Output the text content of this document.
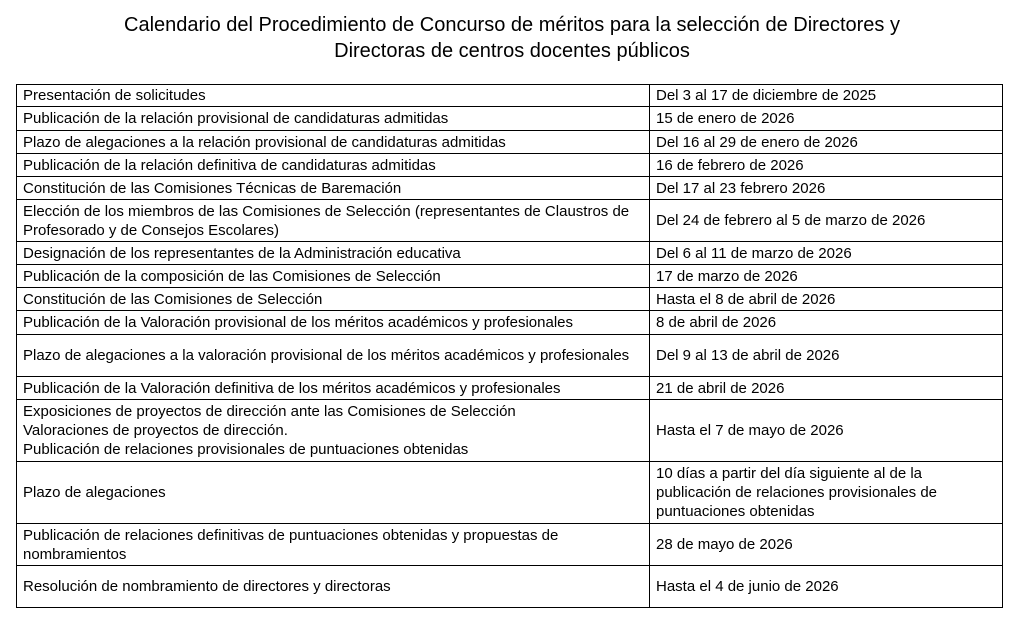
Calendario del Procedimiento de Concurso de méritos para la selección de Directores y
Directoras de centros docentes públicos
Presentación de solicitudes	Del 3 al 17 de diciembre de 2025

Publicación de la relación provisional de candidaturas admitidas	15 de enero de 2026

Plazo de alegaciones a la relación provisional de candidaturas admitidas	Del 16 al 29 de enero de 2026

Publicación de la relación definitiva de candidaturas admitidas	16 de febrero de 2026

Constitución de las Comisiones Técnicas de Baremación	Del 17 al 23 febrero 2026

Elección de los miembros de las Comisiones de Selección (representantes de Claustros de Profesorado y de Consejos Escolares)	Del 24 de febrero al 5 de marzo de 2026

Designación de los representantes de la Administración educativa	Del 6 al 11 de marzo de 2026

Publicación de la composición de las Comisiones de Selección	17 de marzo de 2026

Constitución de las Comisiones de Selección	Hasta el 8 de abril de 2026

Publicación de la Valoración provisional de los méritos académicos y profesionales	8 de abril de 2026

Plazo de alegaciones a la valoración provisional de los méritos académicos y profesionales	Del 9 al 13 de abril de 2026

Publicación de la Valoración definitiva de los méritos académicos y profesionales	21 de abril de 2026

Exposiciones de proyectos de dirección ante las Comisiones de Selección
Valoraciones de proyectos de dirección.
Publicación de relaciones provisionales de puntuaciones obtenidas	Hasta el 7 de mayo de 2026

Plazo de alegaciones	10 días a partir del día siguiente al de la publicación de relaciones provisionales de puntuaciones obtenidas

Publicación de relaciones definitivas de puntuaciones obtenidas y propuestas de nombramientos	28 de mayo de 2026

Resolución de nombramiento de directores y directoras	Hasta el 4 de junio de 2026
